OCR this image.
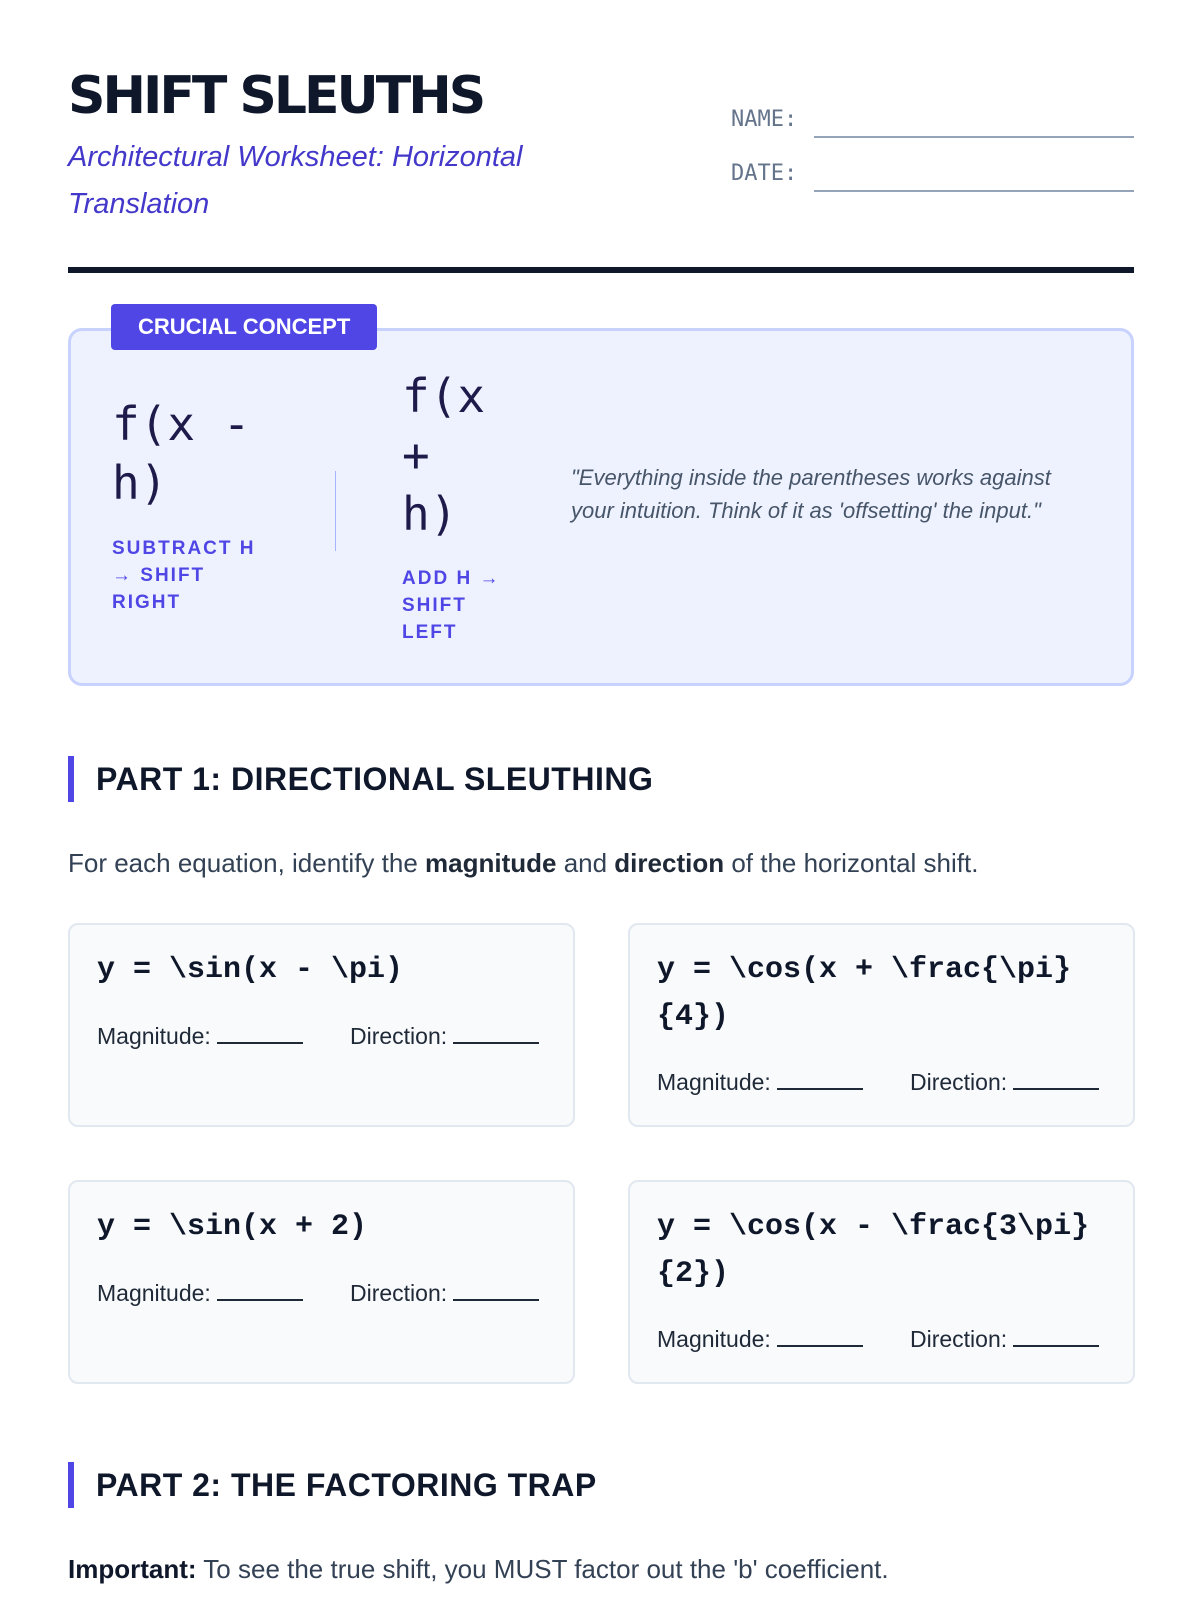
SHIFT SLEUTHS

Architectural Worksheet: Horizontal Translation

NAME:
DATE:

f(x - h)

SUBTRACT H → SHIFT RIGHT

f(x + h)

ADD H → SHIFT LEFT

"Everything inside the parentheses works against your intuition. Think of it as 'offsetting' the input."

CRUCIAL CONCEPT
PART 1: DIRECTIONAL SLEUTHING

For each equation, identify the magnitude and direction of the horizontal shift.

y = \sin(x - \pi)

Magnitude:	Direction:

y = \cos(x + \frac{\pi}{4})

Magnitude:	Direction:

y = \sin(x + 2)

Magnitude:	Direction:

y = \cos(x - \frac{3\pi}{2})

Magnitude:	Direction:
PART 2: THE FACTORING TRAP

Important: To see the true shift, you MUST factor out the 'b' coefficient.
